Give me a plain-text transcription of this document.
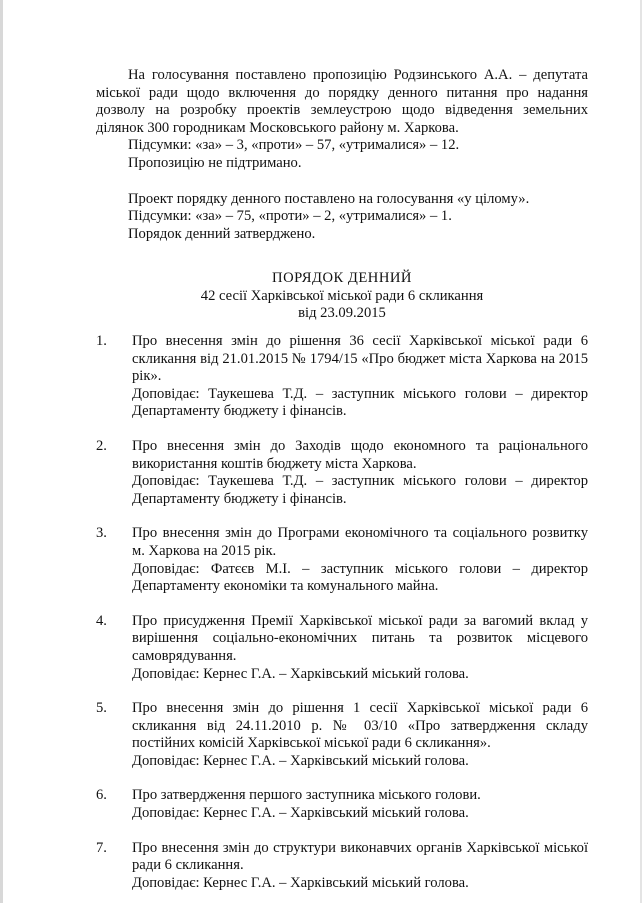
На голосування поставлено пропозицію Родзинського А.А. – депутата міської ради щодо включення до порядку денного питання про надання дозволу на розробку проектів землеустрою щодо відведення земельних ділянок 300 городникам Московського району м. Харкова.

Підсумки: «за» – 3, «проти» – 57, «утрималися» – 12.

Пропозицію не підтримано.

Проект порядку денного поставлено на голосування «у цілому».

Підсумки: «за» – 75, «проти» – 2, «утрималися» – 1.

Порядок денний затверджено.

ПОРЯДОК ДЕННИЙ
42 сесії Харківської міської ради 6 скликання
від 23.09.2015
1.	Про внесення змін до рішення 36 сесії Харківської міської ради 6 скликання від 21.01.2015 № 1794/15 «Про бюджет міста Харкова на 2015 рік».

Доповідає: Таукешева Т.Д. – заступник міського голови – директор Департаменту бюджету і фінансів.

2.	Про внесення змін до Заходів щодо економного та раціонального використання коштів бюджету міста Харкова.

Доповідає: Таукешева Т.Д. – заступник міського голови – директор Департаменту бюджету і фінансів.

3.	Про внесення змін до Програми економічного та соціального розвитку м. Харкова на 2015 рік.

Доповідає: Фатєєв М.І. – заступник міського голови – директор Департаменту економіки та комунального майна.

4.	Про присудження Премії Харківської міської ради за вагомий вклад у вирішення соціально-економічних питань та розвиток місцевого самоврядування.

Доповідає: Кернес Г.А. – Харківський міський голова.

5.	Про внесення змін до рішення 1 сесії Харківської міської ради 6 скликання від 24.11.2010 р. № 03/10 «Про затвердження складу постійних комісій Харківської міської ради 6 скликання».

Доповідає: Кернес Г.А. – Харківський міський голова.

6.	Про затвердження першого заступника міського голови.

Доповідає: Кернес Г.А. – Харківський міський голова.

7.	Про внесення змін до структури виконавчих органів Харківської міської ради 6 скликання.

Доповідає: Кернес Г.А. – Харківський міський голова.
